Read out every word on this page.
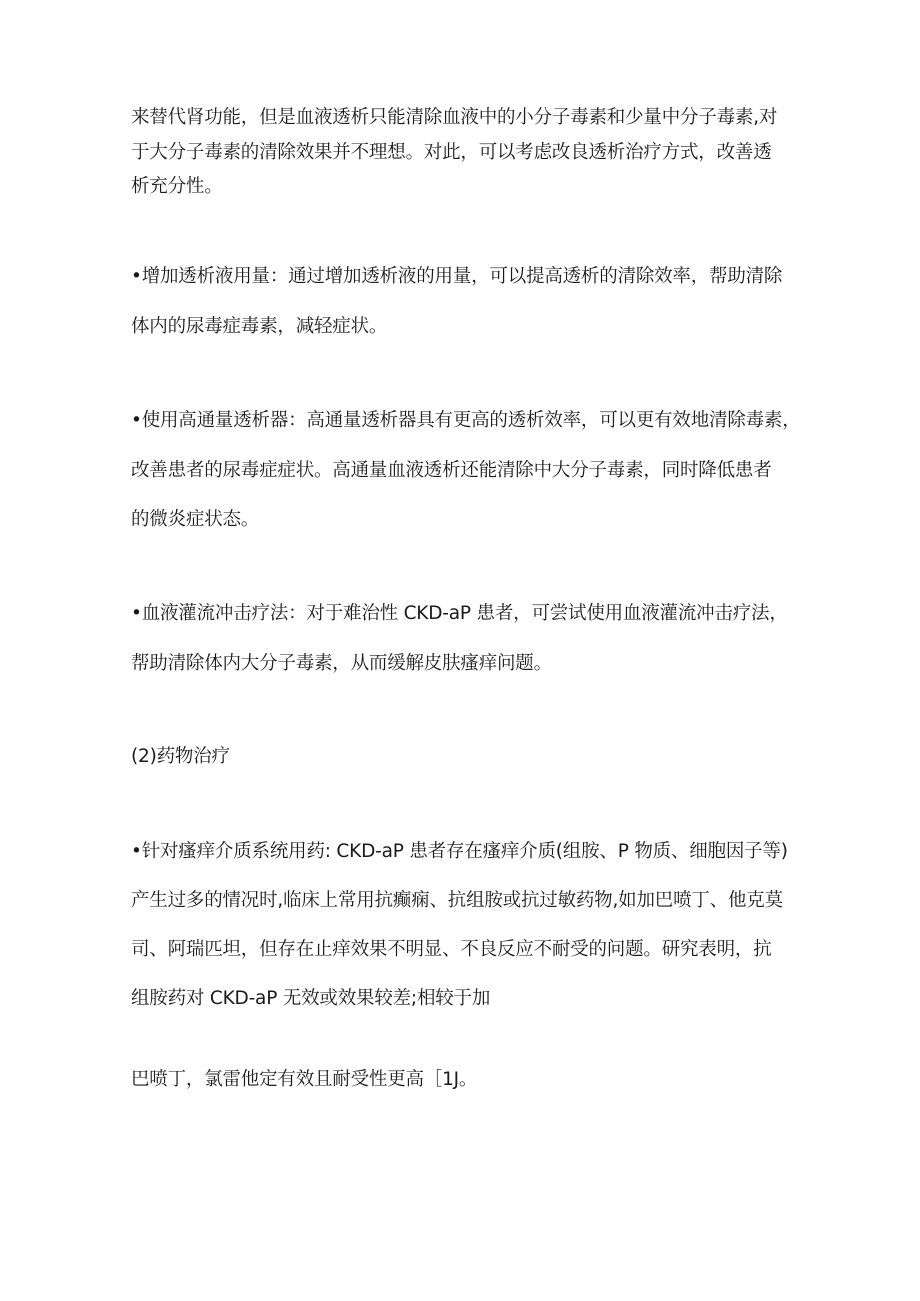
来替代肾功能，但是血液透析只能清除血液中的小分子毒素和少量中分子毒素,对
于大分子毒素的清除效果并不理想。对此，可以考虑改良透析治疗方式，改善透
析充分性。
•增加透析液用量：通过增加透析液的用量，可以提高透析的清除效率，帮助清除
体内的尿毒症毒素，减轻症状。
•使用高通量透析器：高通量透析器具有更高的透析效率，可以更有效地清除毒素，
改善患者的尿毒症症状。高通量血液透析还能清除中大分子毒素，同时降低患者
的微炎症状态。
•血液灌流冲击疗法：对于难治性 CKD-aP 患者，可尝试使用血液灌流冲击疗法，
帮助清除体内大分子毒素，从而缓解皮肤瘙痒问题。
(2)药物治疗
•针对瘙痒介质系统用药: CKD-aP 患者存在瘙痒介质(组胺、P 物质、细胞因子等)
产生过多的情况时,临床上常用抗癫痫、抗组胺或抗过敏药物,如加巴喷丁、他克莫
司、阿瑞匹坦，但存在止痒效果不明显、不良反应不耐受的问题。研究表明，抗
组胺药对 CKD-aP 无效或效果较差;相较于加
巴喷丁，氯雷他定有效且耐受性更高［1J。
